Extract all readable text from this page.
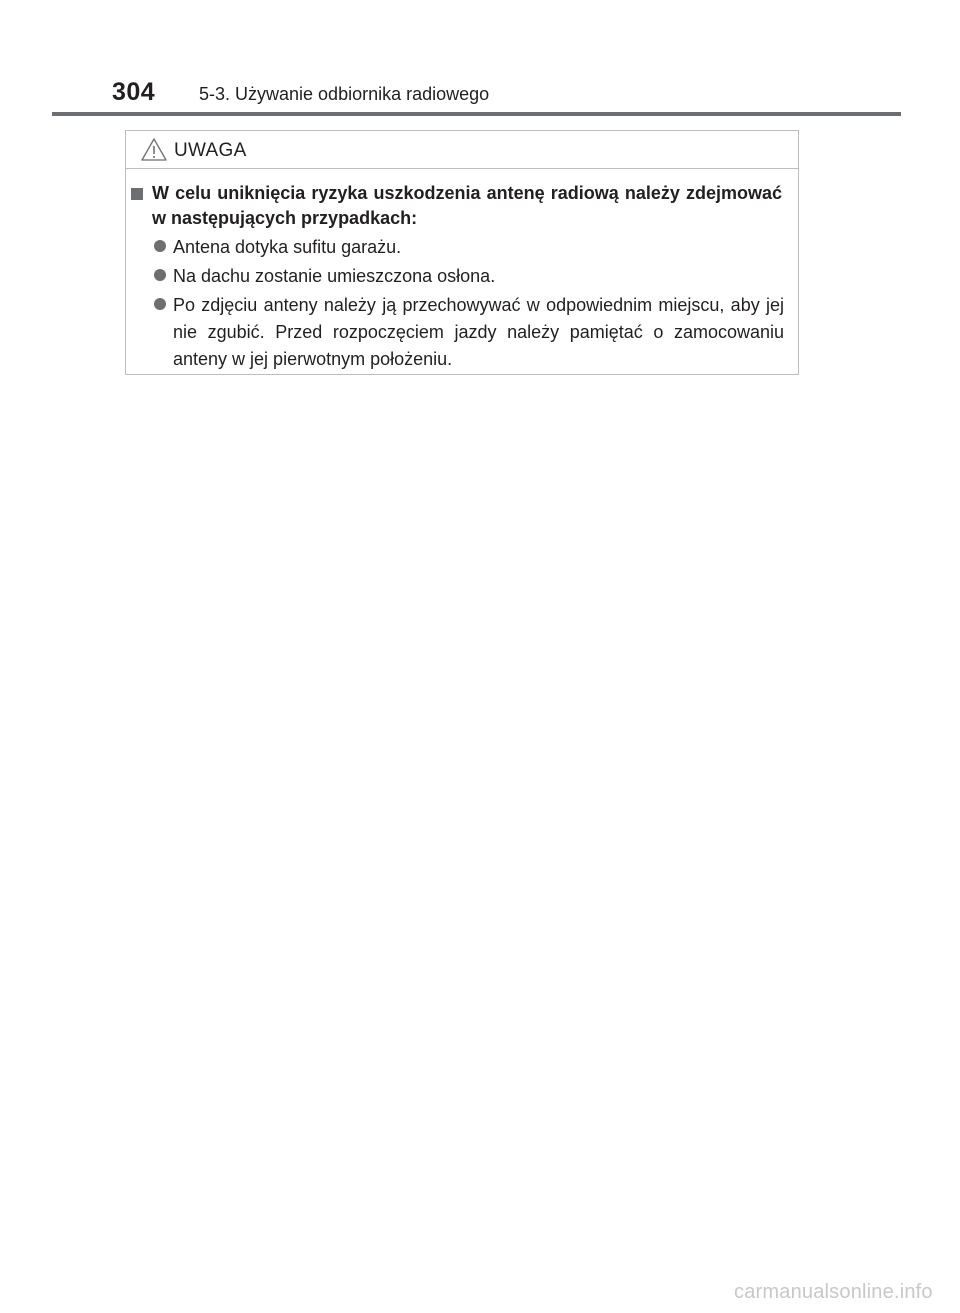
304 5-3. Używanie odbiornika radiowego
UWAGA
W celu uniknięcia ryzyka uszkodzenia antenę radiową należy zdejmować w następujących przypadkach:
Antena dotyka sufitu garażu.
Na dachu zostanie umieszczona osłona.
Po zdjęciu anteny należy ją przechowywać w odpowiednim miejscu, aby jej nie zgubić. Przed rozpoczęciem jazdy należy pamiętać o zamocowaniu anteny w jej pierwotnym położeniu.
carmanualsonline.info
